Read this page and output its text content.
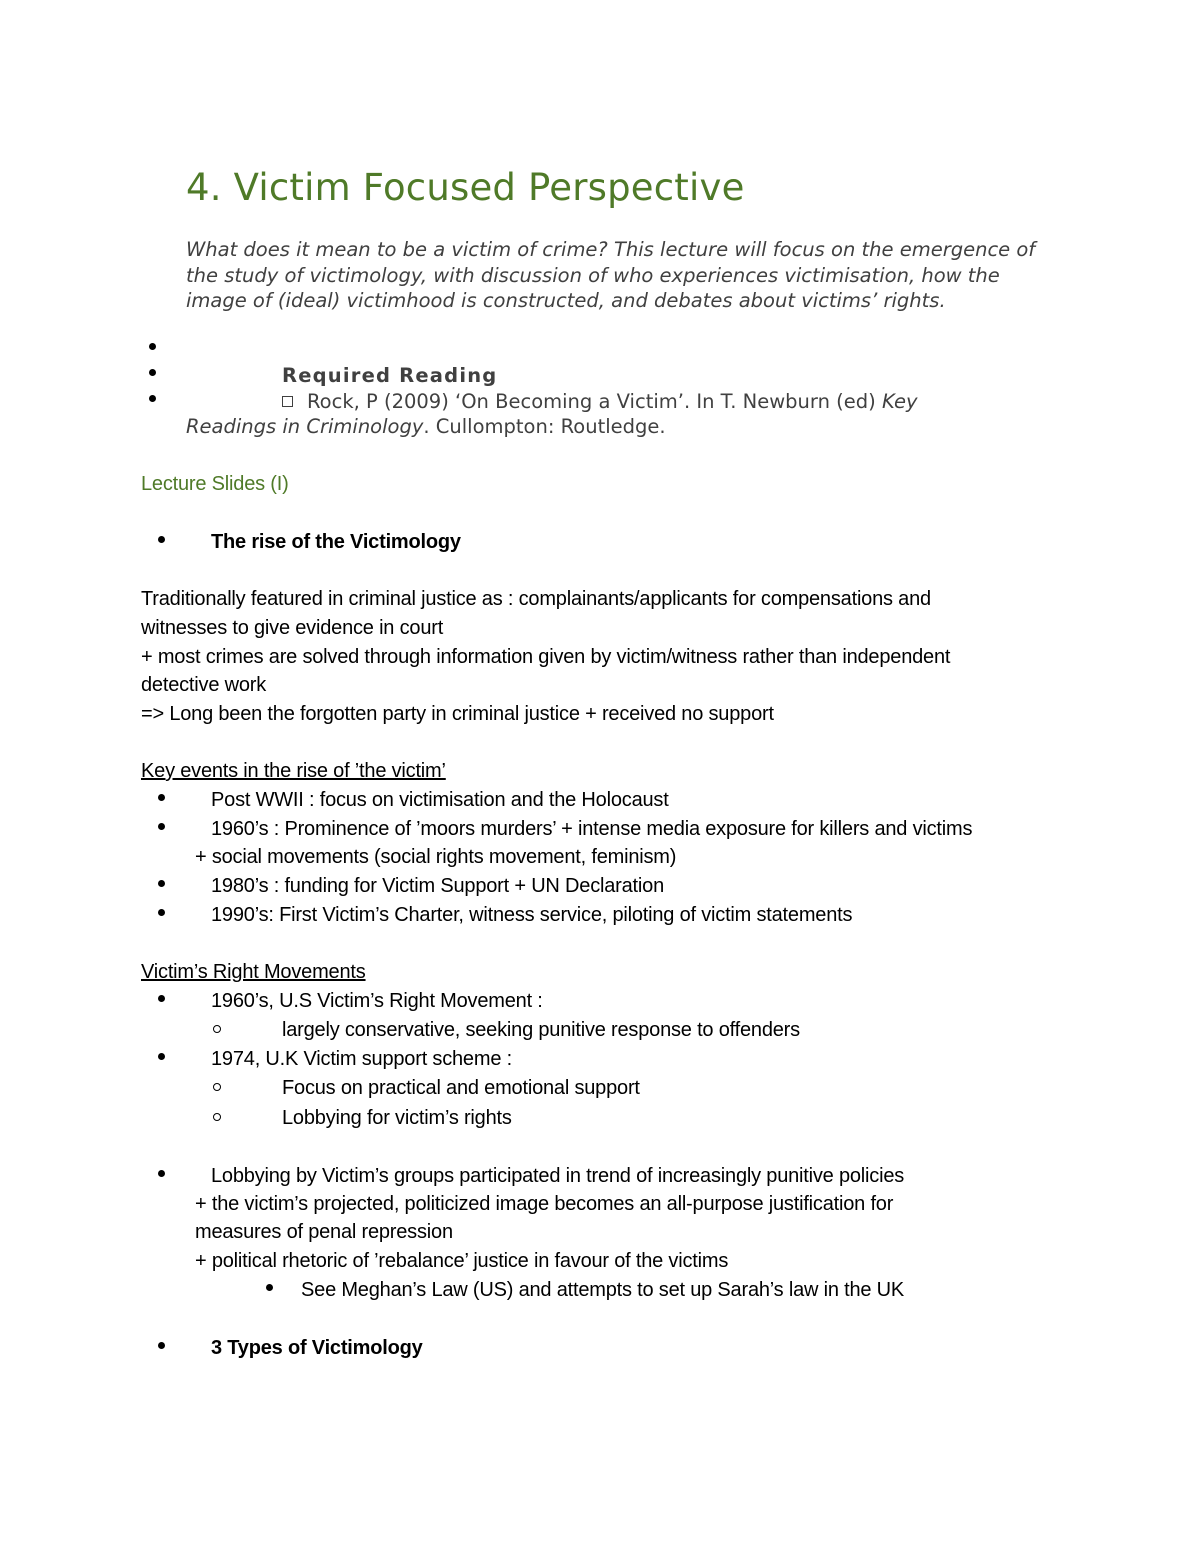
4. Victim Focused Perspective

What does it mean to be a victim of crime? This lecture will focus on the emergence of the study of victimology, with discussion of who experiences victimisation, how the image of (ideal) victimhood is constructed, and debates about victims’ rights.

Required Reading
Rock, P (2009) ‘On Becoming a Victim’. In T. Newburn (ed) Key
Readings in Criminology. Cullompton: Routledge.
Lecture Slides (I)
The rise of the Victimology
Traditionally featured in criminal justice as : complainants/applicants for compensations and
witnesses to give evidence in court
+ most crimes are solved through information given by victim/witness rather than independent
detective work
=> Long been the forgotten party in criminal justice + received no support
Key events in the rise of ’the victim’
Post WWII : focus on victimisation and the Holocaust
1960’s : Prominence of ’moors murders’ + intense media exposure for killers and victims
+ social movements (social rights movement, feminism)
1980’s : funding for Victim Support + UN Declaration
1990’s: First Victim’s Charter, witness service, piloting of victim statements
Victim’s Right Movements
1960’s, U.S Victim’s Right Movement :
largely conservative, seeking punitive response to offenders
1974, U.K Victim support scheme :
Focus on practical and emotional support
Lobbying for victim’s rights
Lobbying by Victim’s groups participated in trend of increasingly punitive policies
+ the victim’s projected, politicized image becomes an all-purpose justification for
measures of penal repression
+ political rhetoric of ’rebalance’ justice in favour of the victims
See Meghan’s Law (US) and attempts to set up Sarah’s law in the UK
3 Types of Victimology
